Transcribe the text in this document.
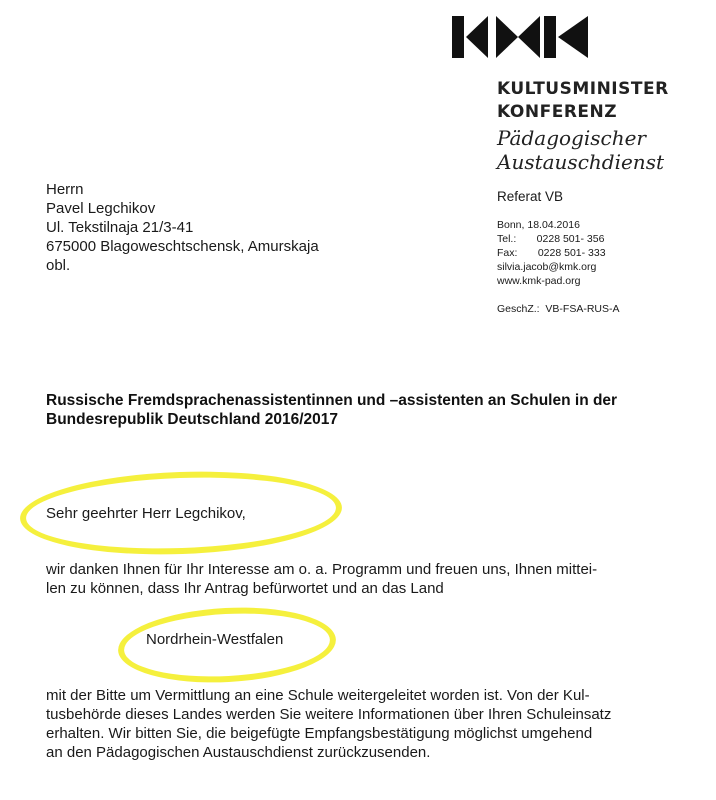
KULTUSMINISTER
KONFERENZ
Pädagogischer
Austauschdienst
Herrn
Pavel Legchikov
Ul. Tekstilnaja 21/3-41
675000 Blagoweschtschensk, Amurskaja
obl.
Referat VB
Bonn, 18.04.2016
Tel.:       0228 501- 356
Fax:       0228 501- 333
silvia.jacob@kmk.org
www.kmk-pad.org
GeschZ.:  VB-FSA-RUS-A
Russische Fremdsprachenassistentinnen und –assistenten an Schulen in der
Bundesrepublik Deutschland 2016/2017
Sehr geehrter Herr Legchikov,
wir danken Ihnen für Ihr Interesse am o. a. Programm und freuen uns, Ihnen mittei-
len zu können, dass Ihr Antrag befürwortet und an das Land
Nordrhein-Westfalen
mit der Bitte um Vermittlung an eine Schule weitergeleitet worden ist. Von der Kul-
tusbehörde dieses Landes werden Sie weitere Informationen über Ihren Schuleinsatz
erhalten. Wir bitten Sie, die beigefügte Empfangsbestätigung möglichst umgehend
an den Pädagogischen Austauschdienst zurückzusenden.
